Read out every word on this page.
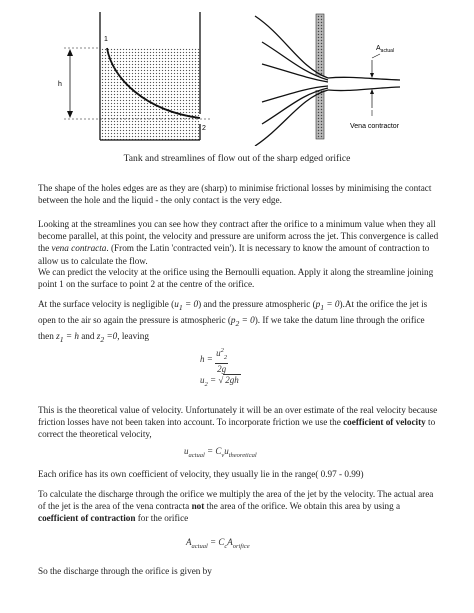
1
h
2
$A_{actual}$
Vena contractor
Tank and streamlines of flow out of the sharp edged orifice

The shape of the holes edges are as they are (sharp) to minimise frictional losses by minimising the contact between the hole and the liquid - the only contact is the very edge.

Looking at the streamlines you can see how they contract after the orifice to a minimum value when they all become parallel, at this point, the velocity and pressure are uniform across the jet. This convergence is called the vena contracta. (From the Latin 'contracted vein'). It is necessary to know the amount of contraction to allow us to calculate the flow.

We can predict the velocity at the orifice using the Bernoulli equation. Apply it along the streamline joining point 1 on the surface to point 2 at the centre of the orifice.

At the surface velocity is negligible $(u_1 = 0)$ and the pressure atmospheric $(p_1 = 0).At$ the orifice the jet is open to the air so again the pressure is atmospheric $(p_2 = 0)$. If we take the datum line through the orifice then $z_1 = h$ and $z_2 =0$, leaving

$h = \frac{u^2_2}{2g}$
$u_2$ = √ 2gh

This is the theoretical value of velocity. Unfortunately it will be an over estimate of the real velocity because friction losses have not been taken into account. To incorporate friction we use the coefficient of velocity to correct the theoretical velocity,

$u_{actual} = C_vu_{theoretical}$

Each orifice has its own coefficient of velocity, they usually lie in the range( 0.97 - 0.99)

To calculate the discharge through the orifice we multiply the area of the jet by the velocity. The actual area of the jet is the area of the vena contracta not the area of the orifice. We obtain this area by using a coefficient of contraction for the orifice

$A_{actual} = C_cA_{orifice}$

So the discharge through the orifice is given by
